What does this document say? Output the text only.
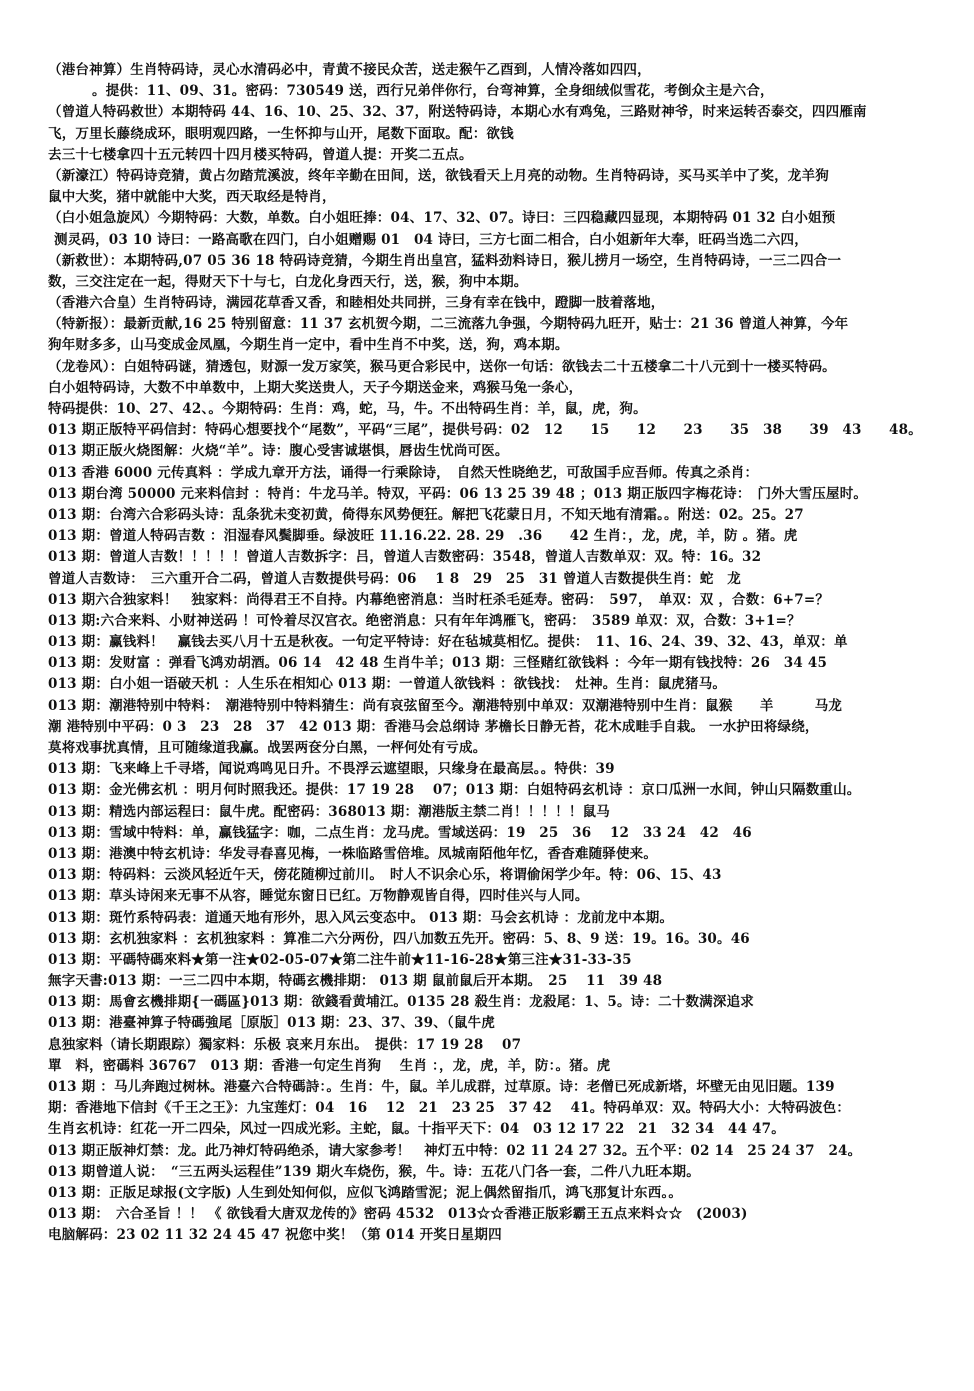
（港台神算）生肖特码诗，灵心水清码必中，青黄不接民众苦，送走猴午乙酉到，人情冷落如四四，
。提供：11、09、31。密码：730549 送，西行兄弟伴你行，台弯神算，全身细绒似雪花，考倒众主是六合，
（曾道人特码救世）本期特码 44、16、10、25、32、37，附送特码诗，本期心水有鸡兔，三路财神爷，时来运转否泰交，四四雁南
飞，万里长藤绕成环，眼明观四路，一生怀抑与山开，尾数下面取。配：欲钱
去三十七楼拿四十五元转四十四月楼买特码，曾道人提：开奖二五点。
（新濠江）特码诗竞猜，黄占勿踏荒溪波，终年辛勤在田间，送，欲钱看天上月亮的动物。生肖特码诗，买马买羊中了奖，龙羊狗
鼠中大奖，猪中就能中大奖，西天取经是特肖，
（白小姐急旋风）今期特码：大数，单数。白小姐旺捧：04、17、32、07。诗曰：三四稳藏四显现，本期特码 01 32 白小姐预
测灵码，03 10 诗曰：一路高歌在四门，白小姐赠赐 01　04 诗曰，三方七面二相合，白小姐新年大奉，旺码当选二六四，
（新救世）：本期特码,07 05 36 18 特码诗竞猜，今期生肖出皇宫，猛料劲料诗日，猴儿捞月一场空，生肖特码诗，一三二四合一
数，三交注定在一起，得财天下十与七，白龙化身西天行，送，猴，狗中本期。
（香港六合皇）生肖特码诗，满园花草香又香，和睦相处共同拼，三身有幸在钱中，蹬脚一肢着落地，
（特新报）：最新贡献,16 25 特别留意：11 37 玄机贺今期，二三流落九争强，今期特码九旺开，贴士：21 36 曾道人神算，今年
狗年财多多，山马变成金凤凰，今期生肖一定中，看中生肖不中奖，送，狗，鸡本期。
（龙卷风）：白姐特码谜，猜透包，财源一发万家笑，猴马更合彩民中，送你一句话：欲钱去二十五楼拿二十八元到十一楼买特码。
白小姐特码诗，大数不中单数中，上期大奖送贵人，天子今期送金来，鸡猴马兔一条心，
特码提供：10、27、42、。今期特码：生肖：鸡，蛇，马，牛。不出特码生肖：羊，鼠，虎，狗。
013 期正版特平码信封：特码心想要找个“尾数”，平码“三尾”，提供号码：02　12　　15　　12　　23　　35　38　　39　43　　48。
013 期正版火烧图解：火烧“羊”。诗：腹心受害诚堪惧，唇齿生忧尚可医。
013 香港 6000 元传真料 ：学成九章开方法，诵得一行乘除诗，　自然天性晓绝艺，可敌国手应吾师。传真之杀肖：
013 期台湾 50000 元来料信封 ：特肖：牛龙马羊。特双，平码：06 13 25 39 48 ；013 期正版四字梅花诗：　门外大雪压屋时。
013 期：台湾六合彩码头诗：乱条犹未变初黄，倚得东风势便狂。解把飞花蒙日月，不知天地有清霜。。附送：02。25。27
013 期：曾道人特码吉数 ：泪湿春风鬓脚垂。绿波旺 11.16.22. 28. 29　.36　　42 生肖：，龙，虎，羊，防 。猪。虎
013 期：曾道人吉数！！！！！曾道人吉数拆字：吕，曾道人吉数密码：3548，曾道人吉数单双：双。特：16。32
曾道人吉数诗：　三六重开合二码，曾道人吉数提供号码：06　 1 8　29　25　31 曾道人吉数提供生肖：蛇　龙
013 期六合独家料！　独家料：尚得君王不自持。内幕绝密消息：当时枉杀毛延寿。密码：　597，　单双：双 ，合数：6+7=？
013 期:六合来料、小财神送码 ！可怜着尽汉宫衣。绝密消息：只有年年鸿雁飞，密码：　3589 单双：双，合数：3+1=？
013 期：赢钱料！　赢钱去买八月十五是秋夜。一句定平特诗：好在毡城莫相忆。提供：　11、16、24、39、32、43，单双：单
013 期：发财富 ：弹看飞鸿劝胡酒。06 14　42 48 生肖牛羊；013 期：三怪赌红欲钱料 ：今年一期有钱找特：26　34 45
013 期：白小姐一语破天机 ：人生乐在相知心 013 期：一曾道人欲钱料 ：欲钱找：　灶神。生肖：鼠虎猪马。
013 期：潮港特别中特料：　潮港特别中特料猜生：尚有哀弦留至今。潮港特别中单双：双潮港特别中生肖：鼠猴　　羊　　　马龙
潮 港特别中平码：0 3　23　28　37　42 013 期：香港马会总纲诗 茅檐长日静无苔，花木成畦手自栽。 一水护田将绿绕，
莫将戏事扰真情，且可随缘道我赢。战罢两奁分白黑，一枰何处有亏成。
013 期：飞来峰上千寻塔，闻说鸡鸣见日升。不畏浮云遮望眼，只缘身在最高层。。特供：39
013 期：金光佛玄机 ：明月何时照我还。提供：17 19 28　 07；013 期：白姐特码玄机诗 ：京口瓜洲一水间，钟山只隔数重山。
013 期：精选内部运程曰：鼠牛虎。配密码：368013 期：潮港版主禁二肖！！！！！鼠马
013 期：雪域中特料：单，赢钱猛字：咖，二点生肖：龙马虎。雪域送码：19　25　36　 12　33 24　42　46
013 期：港澳中特玄机诗：华发寻春喜见梅，一株临路雪倍堆。凤城南陌他年忆，香杳难随驿使来。
013 期：特码料：云淡风轻近午天，傍花随柳过前川。　时人不识余心乐，将谓偷闲学少年。特：06、15、43
013 期：草头诗闲来无事不从容，睡觉东窗日已红。万物静观皆自得，四时佳兴与人同。
013 期：斑竹系特码表：道通天地有形外，思入风云变态中。 013 期：马会玄机诗 ：龙前龙中本期。
013 期：玄机独家料 ：玄机独家料 ：算准二六分两份，四八加数五先开。密码：5、8、9 送：19。16。30。46
013 期：平碼特碼來料★第一注★02-05-07★第二注牛前★11-16-28★第三注★31-33-35
無字天書:013 期：一三二四中本期，特碼玄機排期： 013 期 鼠前鼠后开本期。　25　 11　39 48
013 期：馬會玄機排期{一碼區}013 期：欲錢看黄埔江。0135 28 殺生肖：龙殺尾：1、5。诗：二十数满深追求
013 期：港臺神算子特碼強尾［原版］013 期：23、37、39、（鼠牛虎
息独家料（请长期跟踪）獨家料：乐极 哀来月东出。　提供：17 19 28　 07
單　料，密碼料 36767　013 期：香港一句定生肖狗　 生肖 ：，龙，虎，羊，防：。猪。虎
013 期 ：马儿奔跑过树林。港臺六合特碼詩：。生肖：牛，鼠。羊儿成群，过草原。诗：老僧已死成新塔，坏壁无由见旧题。139
期：香港地下信封《千王之王》：九宝莲灯：04　16　 12　21　23 25　37 42　 41。特码单双：双。特码大小：大特码波色：
生肖玄机诗：红花一开二四朵，风过一四成光彩。主蛇，鼠。十指平天下：04　03 12 17 22　21　32 34　44 47。
013 期正版神灯禁：龙。此乃神灯特码绝杀，请大家参考！　神灯五中特：02 11 24 27 32。五个平：02 14　25 24 37　24。
013 期曾道人说：　“三五两头运程佳”139 期火车烧伤，猴，牛。诗：五花八门各一套，二件八九旺本期。
013 期：正版足球报(文字版) 人生到处知何似，应似飞鸿踏雪泥；泥上偶然留指爪，鸿飞那复计东西。。
013 期：　六合圣旨 ！！ 《 欲钱看大唐双龙传的》密码 4532　013☆☆香港正版彩霸王五点来料☆☆　(2003)
电脑解码：23 02 11 32 24 45 47 祝您中奖！（第 014 开奖日星期四
